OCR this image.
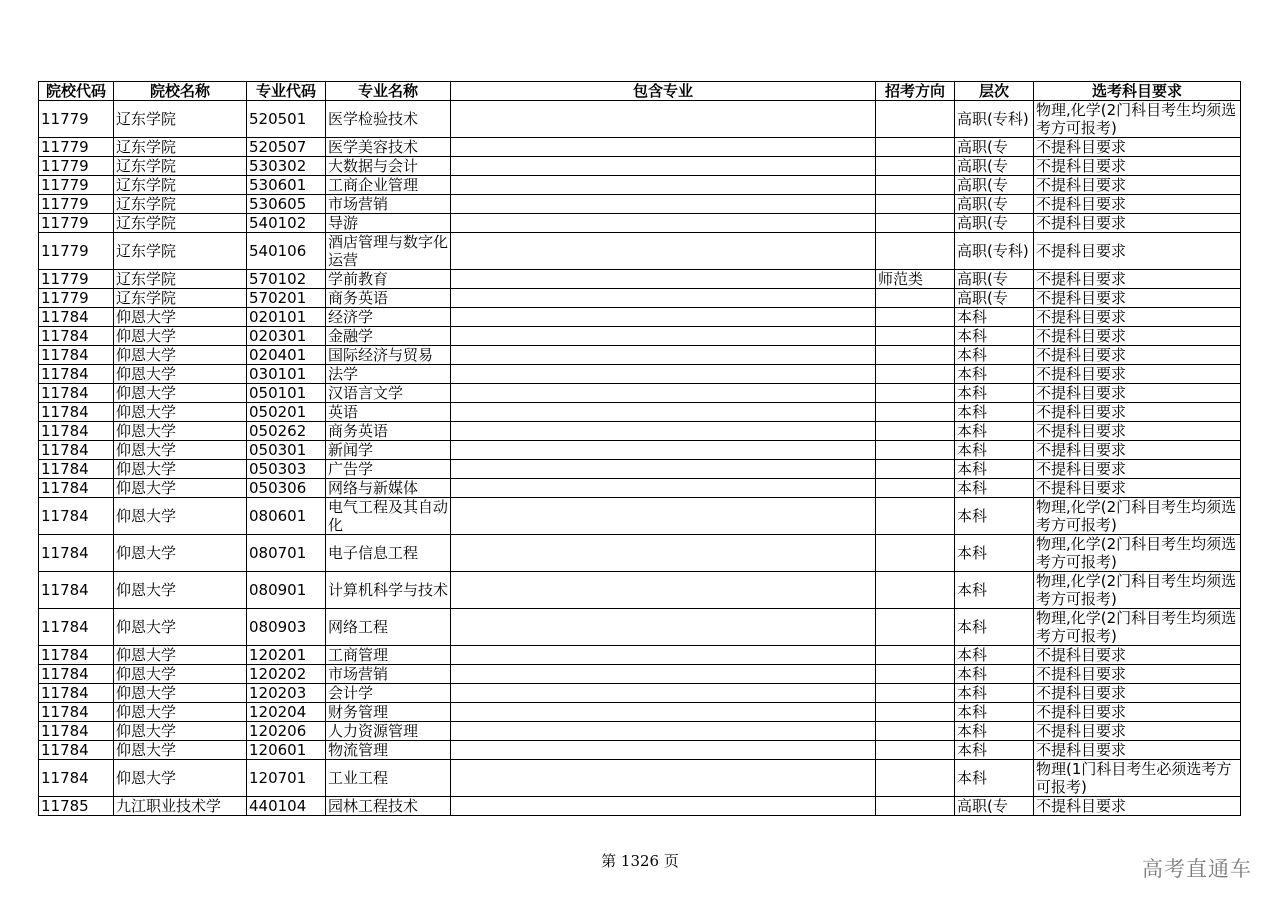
院校代码	院校名称	专业代码	专业名称	包含专业	招考方向	层次	选考科目要求
11779	辽东学院	520501	医学检验技术			高职(专科)	物理,化学(2门科目考生均须选考方可报考)
11779	辽东学院	520507	医学美容技术			高职(专	不提科目要求
11779	辽东学院	530302	大数据与会计			高职(专	不提科目要求
11779	辽东学院	530601	工商企业管理			高职(专	不提科目要求
11779	辽东学院	530605	市场营销			高职(专	不提科目要求
11779	辽东学院	540102	导游			高职(专	不提科目要求
11779	辽东学院	540106	酒店管理与数字化运营			高职(专科)	不提科目要求
11779	辽东学院	570102	学前教育		师范类	高职(专	不提科目要求
11779	辽东学院	570201	商务英语			高职(专	不提科目要求
11784	仰恩大学	020101	经济学			本科	不提科目要求
11784	仰恩大学	020301	金融学			本科	不提科目要求
11784	仰恩大学	020401	国际经济与贸易			本科	不提科目要求
11784	仰恩大学	030101	法学			本科	不提科目要求
11784	仰恩大学	050101	汉语言文学			本科	不提科目要求
11784	仰恩大学	050201	英语			本科	不提科目要求
11784	仰恩大学	050262	商务英语			本科	不提科目要求
11784	仰恩大学	050301	新闻学			本科	不提科目要求
11784	仰恩大学	050303	广告学			本科	不提科目要求
11784	仰恩大学	050306	网络与新媒体			本科	不提科目要求
11784	仰恩大学	080601	电气工程及其自动化			本科	物理,化学(2门科目考生均须选考方可报考)
11784	仰恩大学	080701	电子信息工程			本科	物理,化学(2门科目考生均须选考方可报考)
11784	仰恩大学	080901	计算机科学与技术			本科	物理,化学(2门科目考生均须选考方可报考)
11784	仰恩大学	080903	网络工程			本科	物理,化学(2门科目考生均须选考方可报考)
11784	仰恩大学	120201	工商管理			本科	不提科目要求
11784	仰恩大学	120202	市场营销			本科	不提科目要求
11784	仰恩大学	120203	会计学			本科	不提科目要求
11784	仰恩大学	120204	财务管理			本科	不提科目要求
11784	仰恩大学	120206	人力资源管理			本科	不提科目要求
11784	仰恩大学	120601	物流管理			本科	不提科目要求
11784	仰恩大学	120701	工业工程			本科	物理(1门科目考生必须选考方可报考)
11785	九江职业技术学	440104	园林工程技术			高职(专	不提科目要求
第 1326 页	高考直通车
